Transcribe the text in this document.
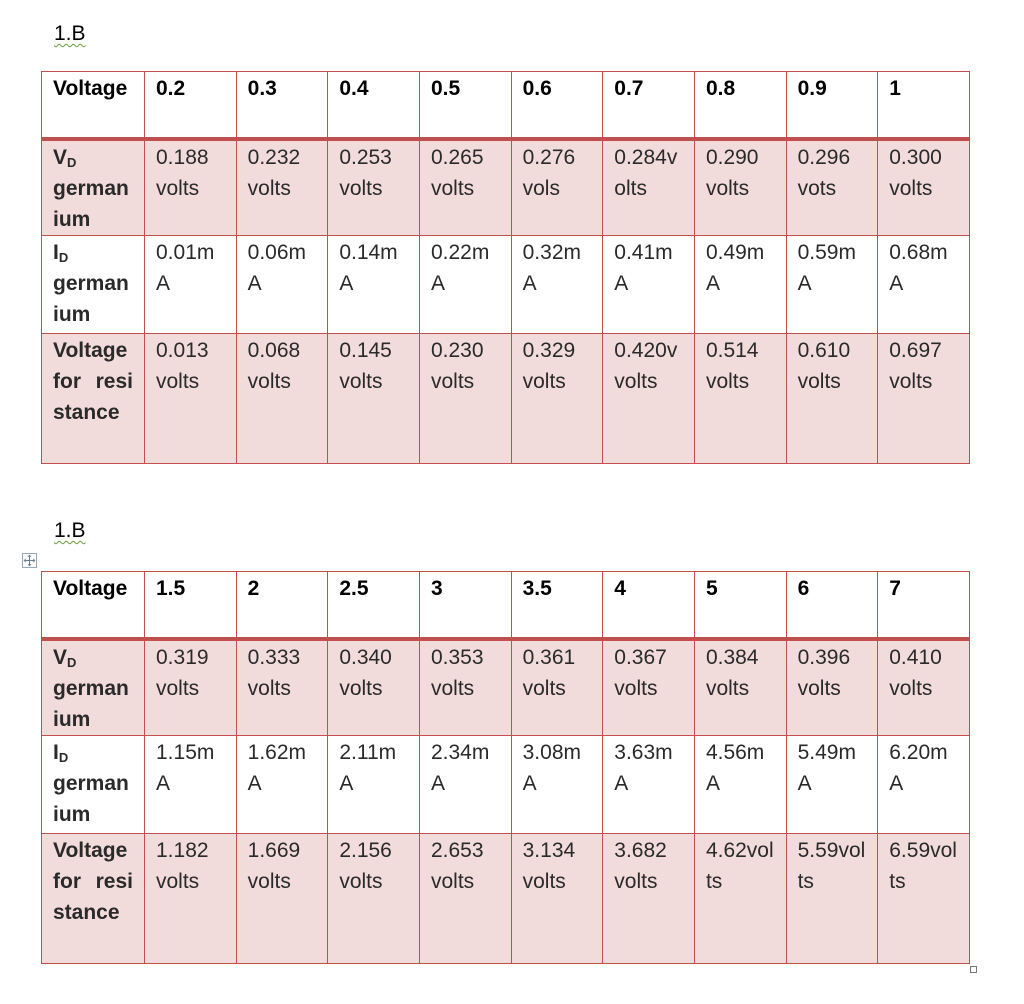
1.B
Voltage	0.2	0.3	0.4	0.5	0.6	0.7	0.8	0.9	1
$V_D$
germanium	0.188 volts	0.232 volts	0.253 volts	0.265 volts	0.276 vols	0.284volts	0.290 volts	0.296 vots	0.300 volts
$I_D$
germanium	0.01mA	0.06mA	0.14mA	0.22mA	0.32mA	0.41mA	0.49mA	0.59mA	0.68mA
Voltage for resistance	0.013 volts	0.068 volts	0.145 volts	0.230 volts	0.329 volts	0.420v volts	0.514 volts	0.610 volts	0.697 volts
1.B
Voltage	1.5	2	2.5	3	3.5	4	5	6	7
$V_D$
germanium	0.319 volts	0.333 volts	0.340 volts	0.353 volts	0.361 volts	0.367 volts	0.384 volts	0.396 volts	0.410 volts
$I_D$
germanium	1.15mA	1.62mA	2.11mA	2.34mA	3.08mA	3.63mA	4.56mA	5.49mA	6.20mA
Voltage for resistance	1.182 volts	1.669 volts	2.156 volts	2.653 volts	3.134 volts	3.682 volts	4.62volts	5.59volts	6.59volts
